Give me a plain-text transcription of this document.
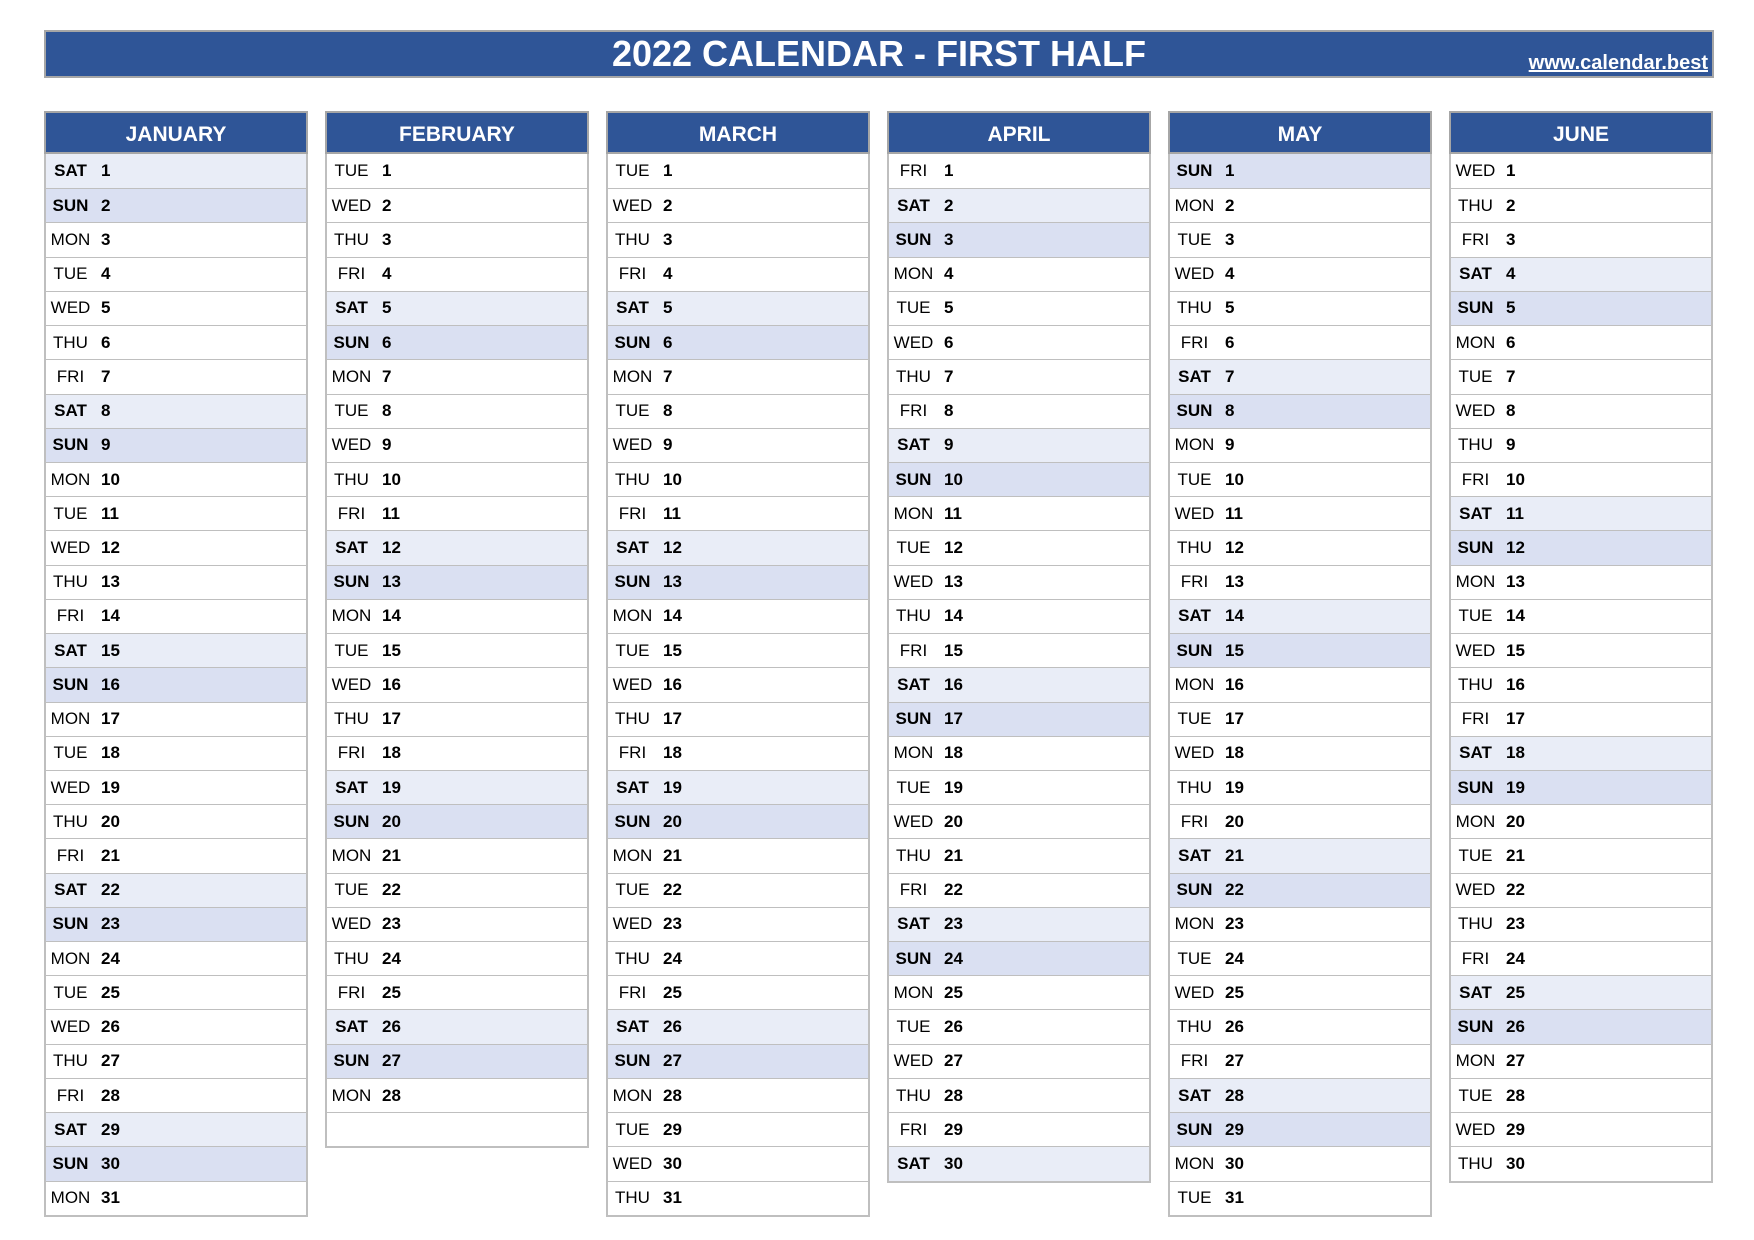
2022 CALENDAR - FIRST HALF	www.calendar.best
JANUARY
SAT 1
SUN 2
MON 3
TUE 4
WED 5
THU 6
FRI 7
SAT 8
SUN 9
MON 10
TUE 11
WED 12
THU 13
FRI 14
SAT 15
SUN 16
MON 17
TUE 18
WED 19
THU 20
FRI 21
SAT 22
SUN 23
MON 24
TUE 25
WED 26
THU 27
FRI 28
SAT 29
SUN 30
MON 31
FEBRUARY
TUE 1
WED 2
THU 3
FRI 4
SAT 5
SUN 6
MON 7
TUE 8
WED 9
THU 10
FRI 11
SAT 12
SUN 13
MON 14
TUE 15
WED 16
THU 17
FRI 18
SAT 19
SUN 20
MON 21
TUE 22
WED 23
THU 24
FRI 25
SAT 26
SUN 27
MON 28
MARCH
TUE 1
WED 2
THU 3
FRI 4
SAT 5
SUN 6
MON 7
TUE 8
WED 9
THU 10
FRI 11
SAT 12
SUN 13
MON 14
TUE 15
WED 16
THU 17
FRI 18
SAT 19
SUN 20
MON 21
TUE 22
WED 23
THU 24
FRI 25
SAT 26
SUN 27
MON 28
TUE 29
WED 30
THU 31
APRIL
FRI 1
SAT 2
SUN 3
MON 4
TUE 5
WED 6
THU 7
FRI 8
SAT 9
SUN 10
MON 11
TUE 12
WED 13
THU 14
FRI 15
SAT 16
SUN 17
MON 18
TUE 19
WED 20
THU 21
FRI 22
SAT 23
SUN 24
MON 25
TUE 26
WED 27
THU 28
FRI 29
SAT 30
MAY
SUN 1
MON 2
TUE 3
WED 4
THU 5
FRI 6
SAT 7
SUN 8
MON 9
TUE 10
WED 11
THU 12
FRI 13
SAT 14
SUN 15
MON 16
TUE 17
WED 18
THU 19
FRI 20
SAT 21
SUN 22
MON 23
TUE 24
WED 25
THU 26
FRI 27
SAT 28
SUN 29
MON 30
TUE 31
JUNE
WED 1
THU 2
FRI 3
SAT 4
SUN 5
MON 6
TUE 7
WED 8
THU 9
FRI 10
SAT 11
SUN 12
MON 13
TUE 14
WED 15
THU 16
FRI 17
SAT 18
SUN 19
MON 20
TUE 21
WED 22
THU 23
FRI 24
SAT 25
SUN 26
MON 27
TUE 28
WED 29
THU 30
